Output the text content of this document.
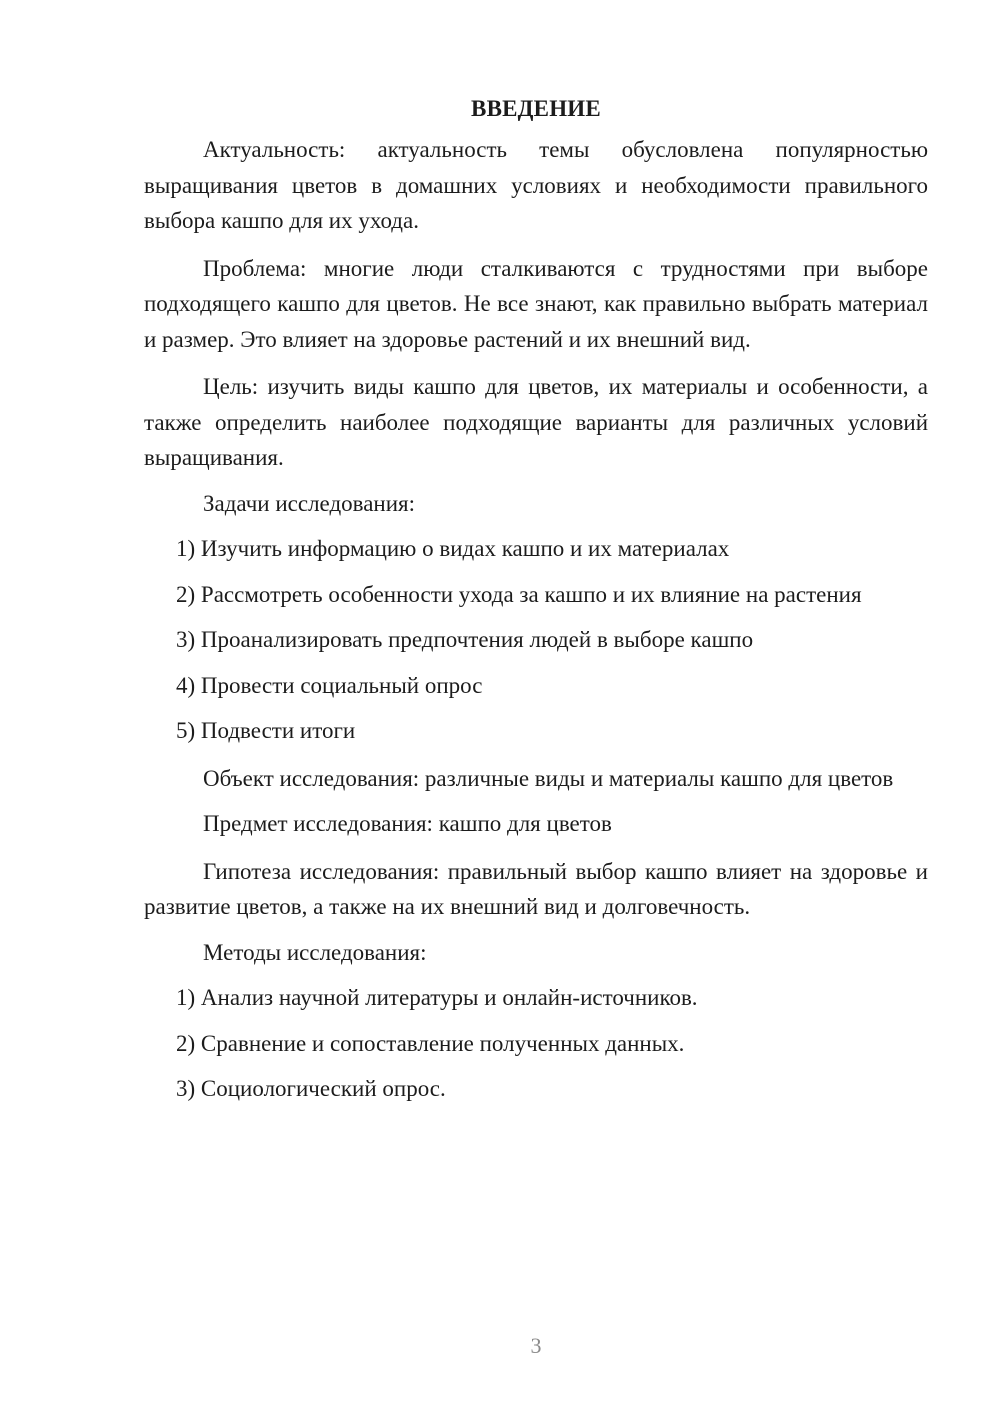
ВВЕДЕНИЕ

Актуальность: актуальность темы обусловлена популярностью выращивания цветов в домашних условиях и необходимости правильного выбора кашпо для их ухода.

Проблема: многие люди сталкиваются с трудностями при выборе подходящего кашпо для цветов. Не все знают, как правильно выбрать материал и размер. Это влияет на здоровье растений и их внешний вид.

Цель: изучить виды кашпо для цветов, их материалы и особенности, а также определить наиболее подходящие варианты для различных условий выращивания.

Задачи исследования:

1) Изучить информацию о видах кашпо и их материалах

2) Рассмотреть особенности ухода за кашпо и их влияние на растения

3) Проанализировать предпочтения людей в выборе кашпо

4) Провести социальный опрос

5) Подвести итоги

Объект исследования: различные виды и материалы кашпо для цветов

Предмет исследования: кашпо для цветов

Гипотеза исследования: правильный выбор кашпо влияет на здоровье и развитие цветов, а также на их внешний вид и долговечность.

Методы исследования:

1) Анализ научной литературы и онлайн-источников.

2) Сравнение и сопоставление полученных данных.

3) Социологический опрос.

3
